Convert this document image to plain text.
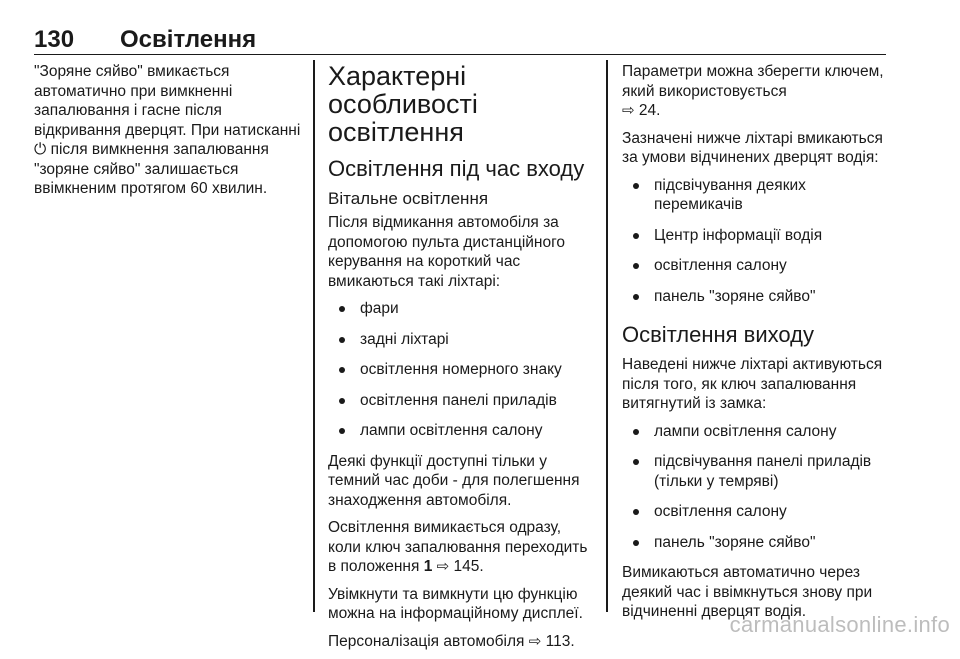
130 Освітлення

"Зоряне сяйво" вмикається автоматично при вимкненні запалювання і гасне після відкривання дверцят. При натисканні ⏻ після вимкнення запалювання "зоряне сяйво" залишається ввімкненим протягом 60 хвилин.

Характерні особливості освітлення
Освітлення під час входу
Вітальне освітлення

Після відмикання автомобіля за допомогою пульта дистанційного керування на короткий час вмикаються такі ліхтарі:

фари
задні ліхтарі
освітлення номерного знаку
освітлення панелі приладів
лампи освітлення салону

Деякі функції доступні тільки у темний час доби - для полегшення знаходження автомобіля.

Освітлення вимикається одразу, коли ключ запалювання переходить в положення 1 ⇨ 145.

Увімкнути та вимкнути цю функцію можна на інформаційному дисплеї.

Персоналізація автомобіля ⇨ 113.

Параметри можна зберегти ключем, який використовується
⇨ 24.

Зазначені нижче ліхтарі вмикаються за умови відчинених дверцят водія:

підсвічування деяких перемикачів
Центр інформації водія
освітлення салону
панель "зоряне сяйво"
Освітлення виходу

Наведені нижче ліхтарі активуються після того, як ключ запалювання витягнутий із замка:

лампи освітлення салону
підсвічування панелі приладів (тільки у темряві)
освітлення салону
панель "зоряне сяйво"

Вимикаються автоматично через деякий час і ввімкнуться знову при відчиненні дверцят водія.

carmanualsonline.info
